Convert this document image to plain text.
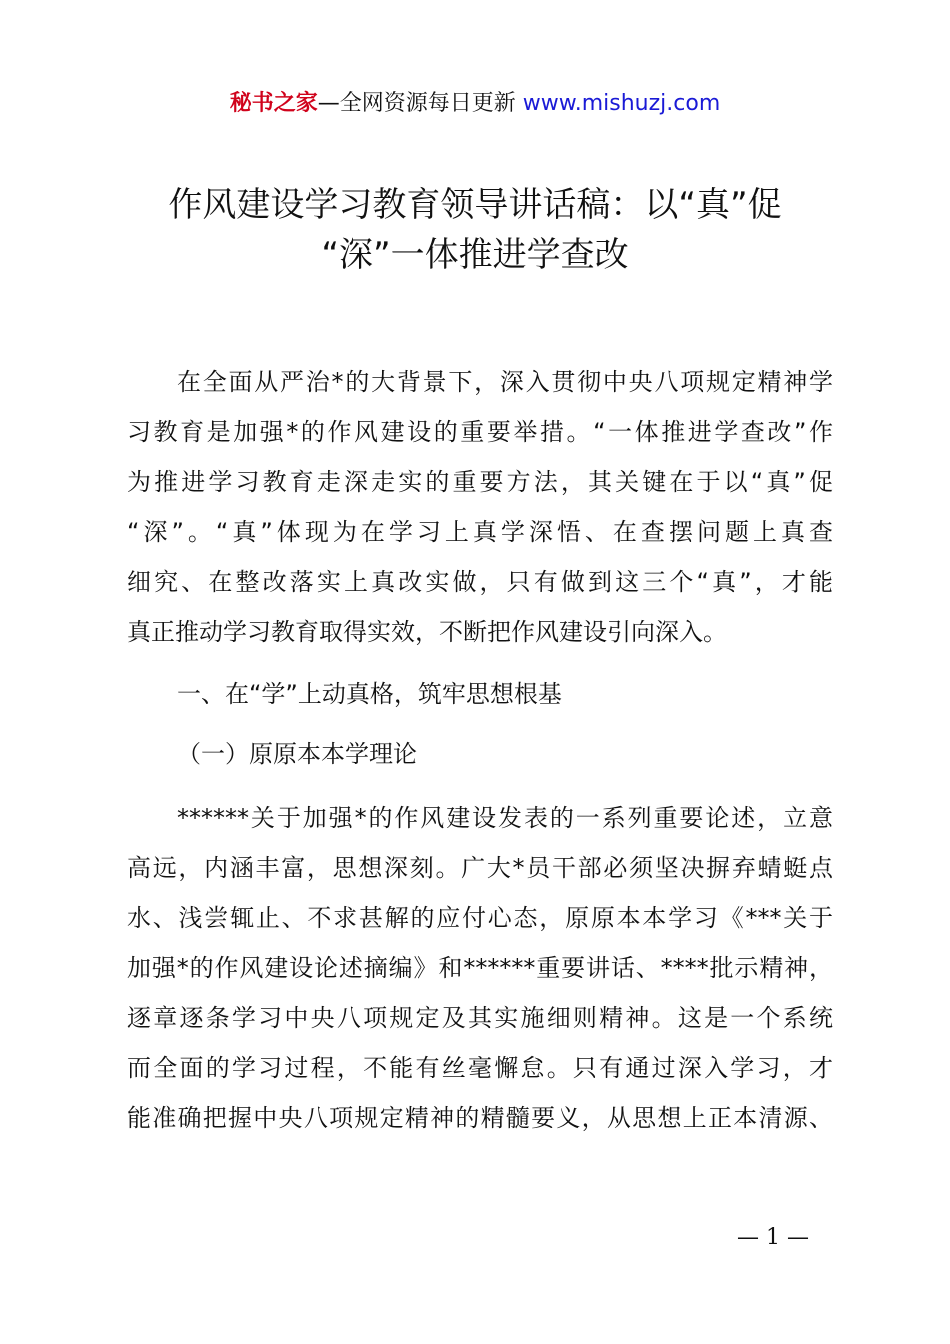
秘书之家—全网资源每日更新 www.mishuzj.com
作风建设学习教育领导讲话稿：以“真”促
“深”一体推进学查改
在全面从严治*的大背景下，深入贯彻中央八项规定精神学
习教育是加强*的作风建设的重要举措。“一体推进学查改”作
为推进学习教育走深走实的重要方法，其关键在于以“真”促
“深”。“真”体现为在学习上真学深悟、在查摆问题上真查
细究、在整改落实上真改实做，只有做到这三个“真”，才能
真正推动学习教育取得实效，不断把作风建设引向深入。
一、在“学”上动真格，筑牢思想根基
（一）原原本本学理论
******关于加强*的作风建设发表的一系列重要论述，立意
高远，内涵丰富，思想深刻。广大*员干部必须坚决摒弃蜻蜓点
水、浅尝辄止、不求甚解的应付心态，原原本本学习《***关于
加强*的作风建设论述摘编》和******重要讲话、****批示精神，
逐章逐条学习中央八项规定及其实施细则精神。这是一个系统
而全面的学习过程，不能有丝毫懈怠。只有通过深入学习，才
能准确把握中央八项规定精神的精髓要义，从思想上正本清源、
— 1 —
